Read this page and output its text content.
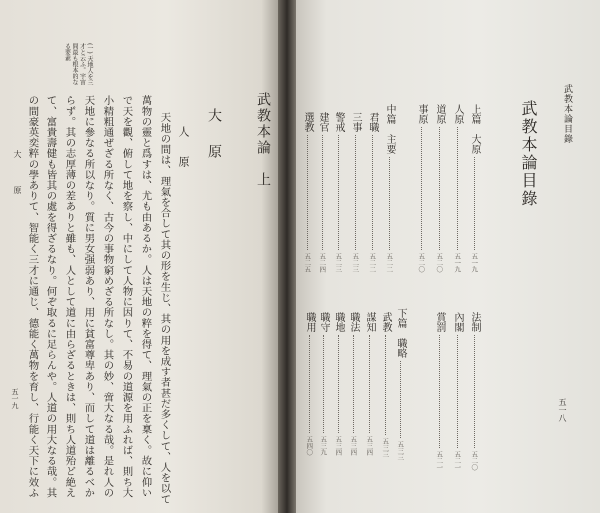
武教本論　上
大　原
人　原
(一) 天地人を三才と云ふ。宇宙間最も根本的なる要素
天地の間は、理氣を合して其の形を生じ、其の用を成す者甚だ多くして、人を以て
萬物の靈と爲すは、尤も由あるか。人は天地の粹を得て、理氣の正を稟く。故に仰い
で天を觀、俯して地を察し、中にして人物に因りて、不易の道源を用ふれば、則ち大
小精粗通ぜざる所なく、古今の事物窮めざる所なし。其の妙、啻大なる哉。是れ人の
天地に參なる所以なり。質に男女强弱あり、用に貧富尊卑あり、而して道は離るべか
らず。其の志厚薄の差ありと雖も、人として道に由らざるときは、則ち人道殆ど絶え
て、富貴壽健も皆其の處を得ざるなり。何ぞ取るに足らんや。人道の用大なる哉。其
の間豪英奕粹の學ありて、智能く三才に通じ、德能く萬物を育し、行能く天下に效ふ
大　原
五一九
武教本論目錄
武教本論目錄
上篇　大原
五一九
人原
五一九
道原
五二〇
事原
五二〇
中篇　主要
五二二
君職
五二二
三事
五二三
警戒
五二三
建官
五二四
選教
五二五
法制
五二〇
內閣
五二一
賞罰
五二一
下篇　職略
五三三
武教
五三三
謀知
五三四
職法
五三四
職地
五三四
職守
五三九
職用
五四〇
五一八
